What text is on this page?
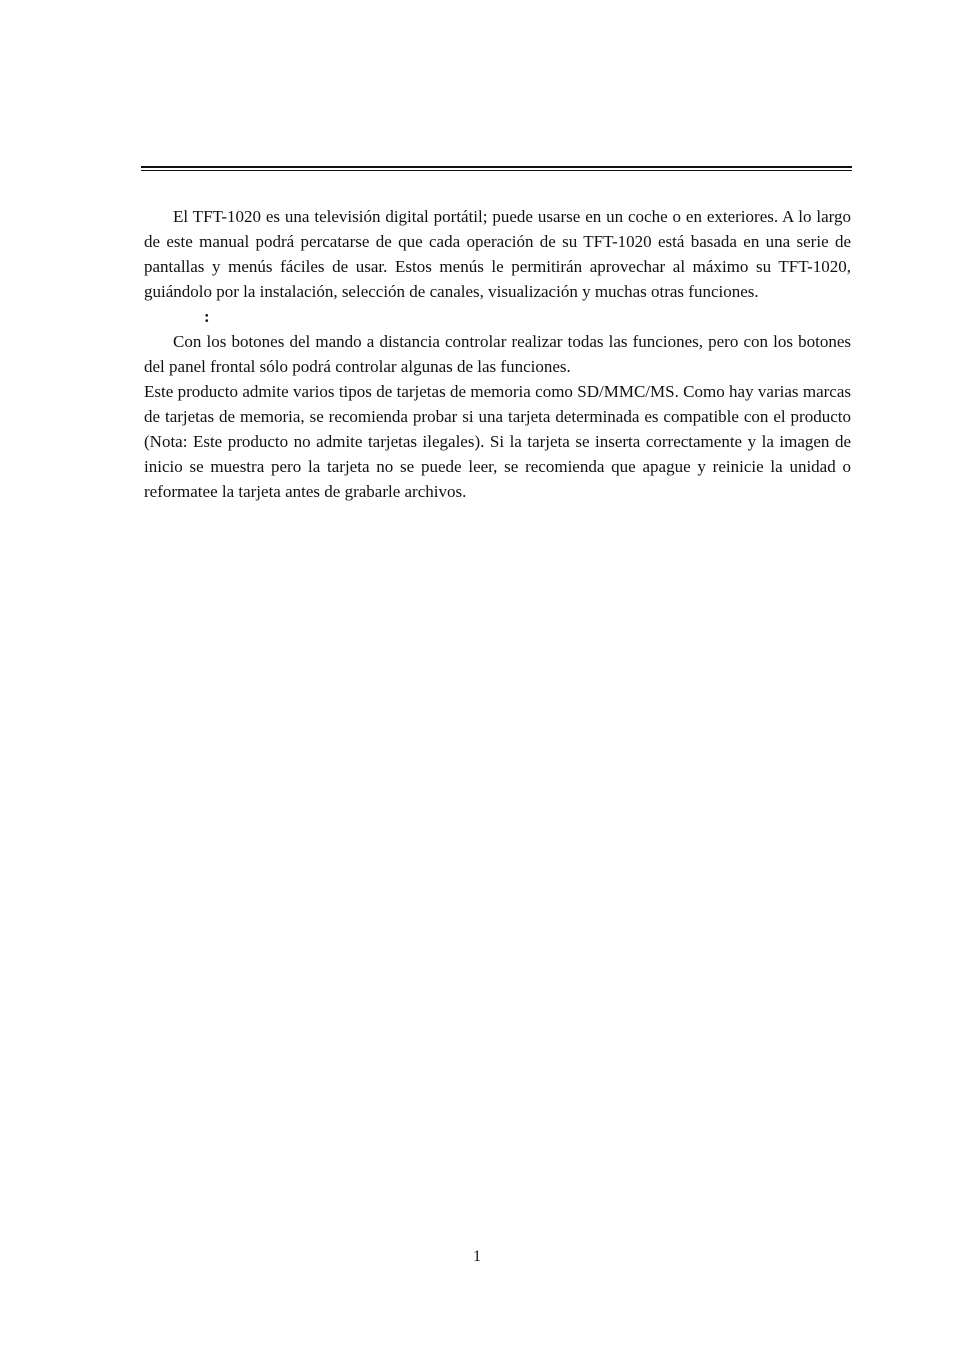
El TFT-1020 es una televisión digital portátil; puede usarse en un coche o en exteriores. A lo largo de este manual podrá percatarse de que cada operación de su TFT-1020 está basada en una serie de pantallas y menús fáciles de usar. Estos menús le permitirán aprovechar al máximo su TFT-1020, guiándolo por la instalación, selección de canales, visualización y muchas otras funciones.

:

Con los botones del mando a distancia controlar realizar todas las funciones, pero con los botones del panel frontal sólo podrá controlar algunas de las funciones.

Este producto admite varios tipos de tarjetas de memoria como SD/MMC/MS. Como hay varias marcas de tarjetas de memoria, se recomienda probar si una tarjeta determinada es compatible con el producto (Nota: Este producto no admite tarjetas ilegales). Si la tarjeta se inserta correctamente y la imagen de inicio se muestra pero la tarjeta no se puede leer, se recomienda que apague y reinicie la unidad o reformatee la tarjeta antes de grabarle archivos.

1
